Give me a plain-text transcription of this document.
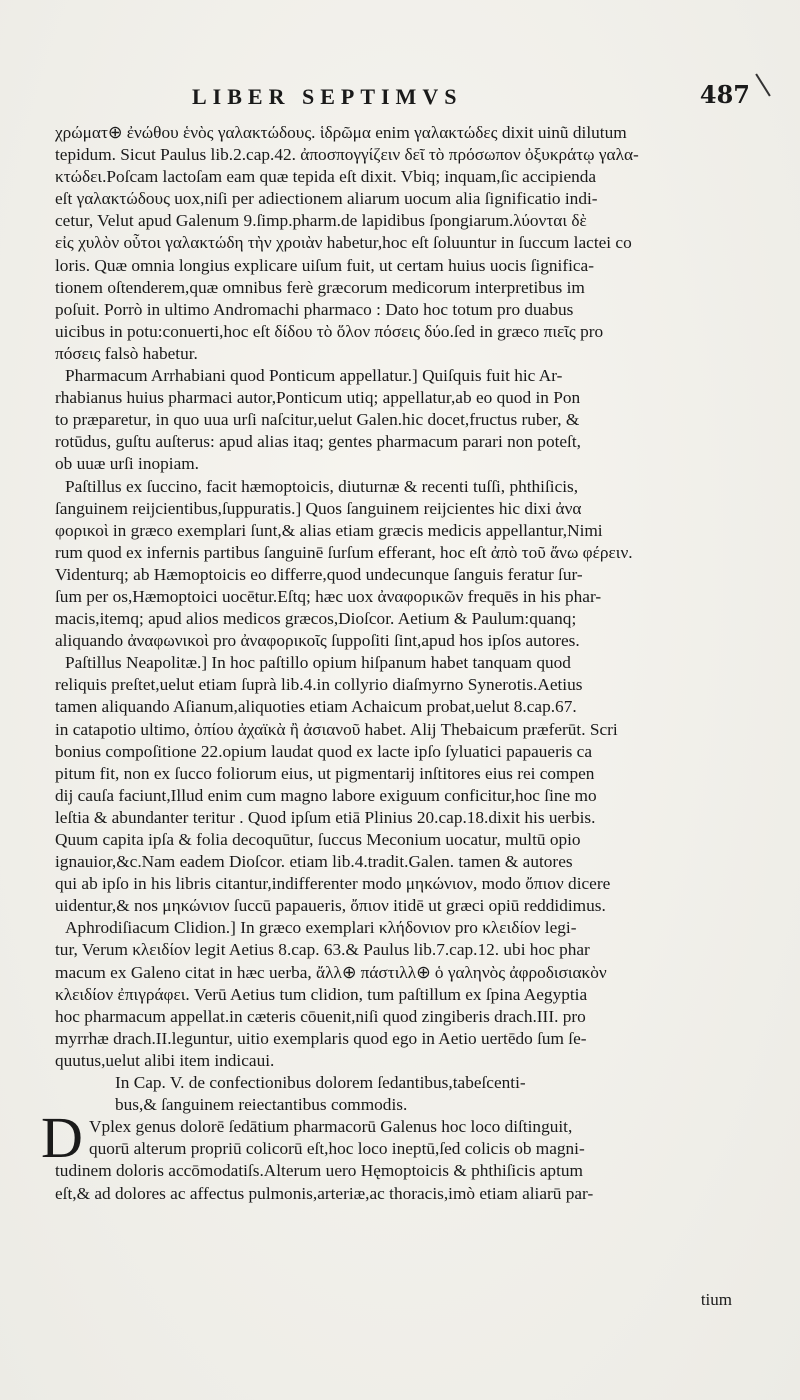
LIBER SEPTIMVS	487
χρώματ⊕ ἐνώθου ἑνὸς γαλακτώδους. ἱδρῶμα enim γαλακτώδες dixit uinũ dilutum
tepidum. Sicut Paulus lib.2.cap.42. ἀποσπογγίζειν δεῖ τὸ πρόσωπον ὀξυκράτῳ γαλα-
κτώδει.Poſcam lactoſam eam quæ tepida eſt dixit. Vbiq; inquam,ſic accipienda
eſt γαλακτώδους uox,niſi per adiectionem aliarum uocum alia ſignificatio indi-
cetur, Velut apud Galenum 9.ſimp.pharm.de lapidibus ſpongiarum.λύονται δὲ
εἰς χυλὸν οὗτοι γαλακτώδη τὴν χροιὰν habetur,hoc eſt ſoluuntur in ſuccum lactei co
loris. Quæ omnia longius explicare uiſum fuit, ut certam huius uocis ſignifica-
tionem oſtenderem,quæ omnibus ferè græcorum medicorum interpretibus im
poſuit. Porrò in ultimo Andromachi pharmaco : Dato hoc totum pro duabus
uicibus in potu:conuerti,hoc eſt δίδου τὸ ὅλον πόσεις δύο.ſed in græco πιεῖς pro
πόσεις falsò habetur.
Pharmacum Arrhabiani quod Ponticum appellatur.] Quiſquis fuit hic Ar-
rhabianus huius pharmaci autor,Ponticum utiq; appellatur,ab eo quod in Pon
to præparetur, in quo uua urſi naſcitur,uelut Galen.hic docet,fructus ruber, &
rotūdus, guſtu auſterus: apud alias itaq; gentes pharmacum parari non poteſt,
ob uuæ urſi inopiam.
Paſtillus ex ſuccino, facit hæmoptoicis, diuturnæ & recenti tuſſi, phthiſicis,
ſanguinem reijcientibus,ſuppuratis.] Quos ſanguinem reijcientes hic dixi ἀνα
φορικοὶ in græco exemplari ſunt,& alias etiam græcis medicis appellantur,Nimi
rum quod ex infernis partibus ſanguinē ſurſum efferant, hoc eſt ἀπὸ τοῦ ἄνω φέρειν.
Videnturq; ab Hæmoptoicis eo differre,quod undecunque ſanguis feratur ſur-
ſum per os,Hæmoptoici uocētur.Eſtq; hæc uox ἀναφορικῶν frequēs in his phar-
macis,itemq; apud alios medicos græcos,Dioſcor. Aetium & Paulum:quanq;
aliquando ἀναφωνικοὶ pro ἀναφορικοῖς ſuppoſiti ſint,apud hos ipſos autores.
Paſtillus Neapolitæ.] In hoc paſtillo opium hiſpanum habet tanquam quod
reliquis preſtet,uelut etiam ſuprà lib.4.in collyrio diaſmyrno Synerotis.Aetius
tamen aliquando Aſianum,aliquoties etiam Achaicum probat,uelut 8.cap.67.
in catapotio ultimo, ὀπίου ἀχαϊκὰ ἢ ἀσιανοῦ habet. Alij Thebaicum præferūt. Scri
bonius compoſitione 22.opium laudat quod ex lacte ipſo ſyluatici papaueris ca
pitum fit, non ex ſucco foliorum eius, ut pigmentarij inſtitores eius rei compen
dij cauſa faciunt,Illud enim cum magno labore exiguum conficitur,hoc ſine mo
leſtia & abundanter teritur . Quod ipſum etiā Plinius 20.cap.18.dixit his uerbis.
Quum capita ipſa & folia decoquūtur, ſuccus Meconium uocatur, multū opio
ignauior,&c.Nam eadem Dioſcor. etiam lib.4.tradit.Galen. tamen & autores
qui ab ipſo in his libris citantur,indifferenter modo μηκώνιον, modo ὄπιον dicere
uidentur,& nos μηκώνιον ſuccū papaueris, ὄπιον itidē ut græci opiū reddidimus.
Aphrodiſiacum Clidion.] In græco exemplari κλήδονιον pro κλειδίον legi-
tur, Verum κλειδίον legit Aetius 8.cap. 63.& Paulus lib.7.cap.12. ubi hoc phar
macum ex Galeno citat in hæc uerba, ἄλλ⊕ πάστιλλ⊕ ὁ γαληνὸς ἀφροδισιακὸν
κλειδίον ἐπιγράφει. Verū Aetius tum clidion, tum paſtillum ex ſpina Aegyptia
hoc pharmacum appellat.in cæteris cōuenit,niſi quod zingiberis drach.III. pro
myrrhæ drach.II.leguntur, uitio exemplaris quod ego in Aetio uertēdo ſum ſe-
quutus,uelut alibi item indicaui.
In Cap. V. de confectionibus dolorem ſedantibus,tabeſcenti-
bus,& ſanguinem reiectantibus commodis.
D Vplex genus dolorē ſedātium pharmacorū Galenus hoc loco diſtinguit,
quorū alterum propriū colicorū eſt,hoc loco ineptū,ſed colicis ob magni-
tudinem doloris accōmodatiſs.Alterum uero Hęmoptoicis & phthiſicis aptum
eſt,& ad dolores ac affectus pulmonis,arteriæ,ac thoracis,imò etiam aliarū par-
tium
